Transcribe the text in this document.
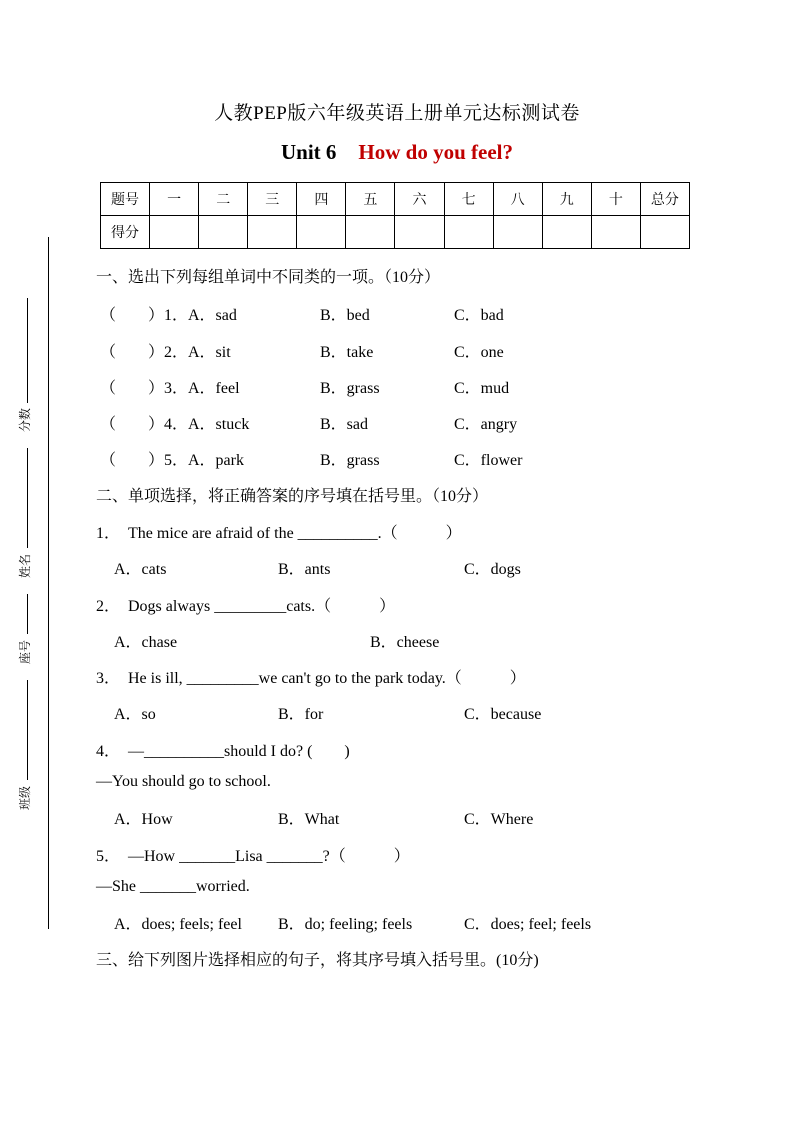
分数
姓名
座号
班级
人教PEP版六年级英语上册单元达标测试卷
Unit 6 How do you feel?
题号	一	二	三	四	五	六	七	八	九	十	总分
得分											
一、选出下列每组单词中不同类的一项。（10分）
（　　）1． A．sad	B．bed	C．bad
（　　）2． A．sit	B．take	C．one
（　　）3． A．feel	B．grass	C．mud
（　　）4． A．stuck	B．sad	C．angry
（　　）5． A．park	B．grass	C．flower
二、单项选择，将正确答案的序号填在括号里。（10分）
1．　The mice are afraid of the __________.（　　　）
A．cats	B．ants	C．dogs
2．　Dogs always _________cats.（　　　）
A．chase	B．cheese
3．　He is ill, _________we can't go to the park today.（　　　）
A．so	B．for	C．because
4．　—__________should I do? (　　)
—You should go to school.
A．How	B．What	C．Where
5．　—How _______Lisa _______?（　　　）
—She _______worried.
A．does; feels; feel B．do; feeling; feels	C．does; feel; feels
三、给下列图片选择相应的句子，将其序号填入括号里。(10分)
